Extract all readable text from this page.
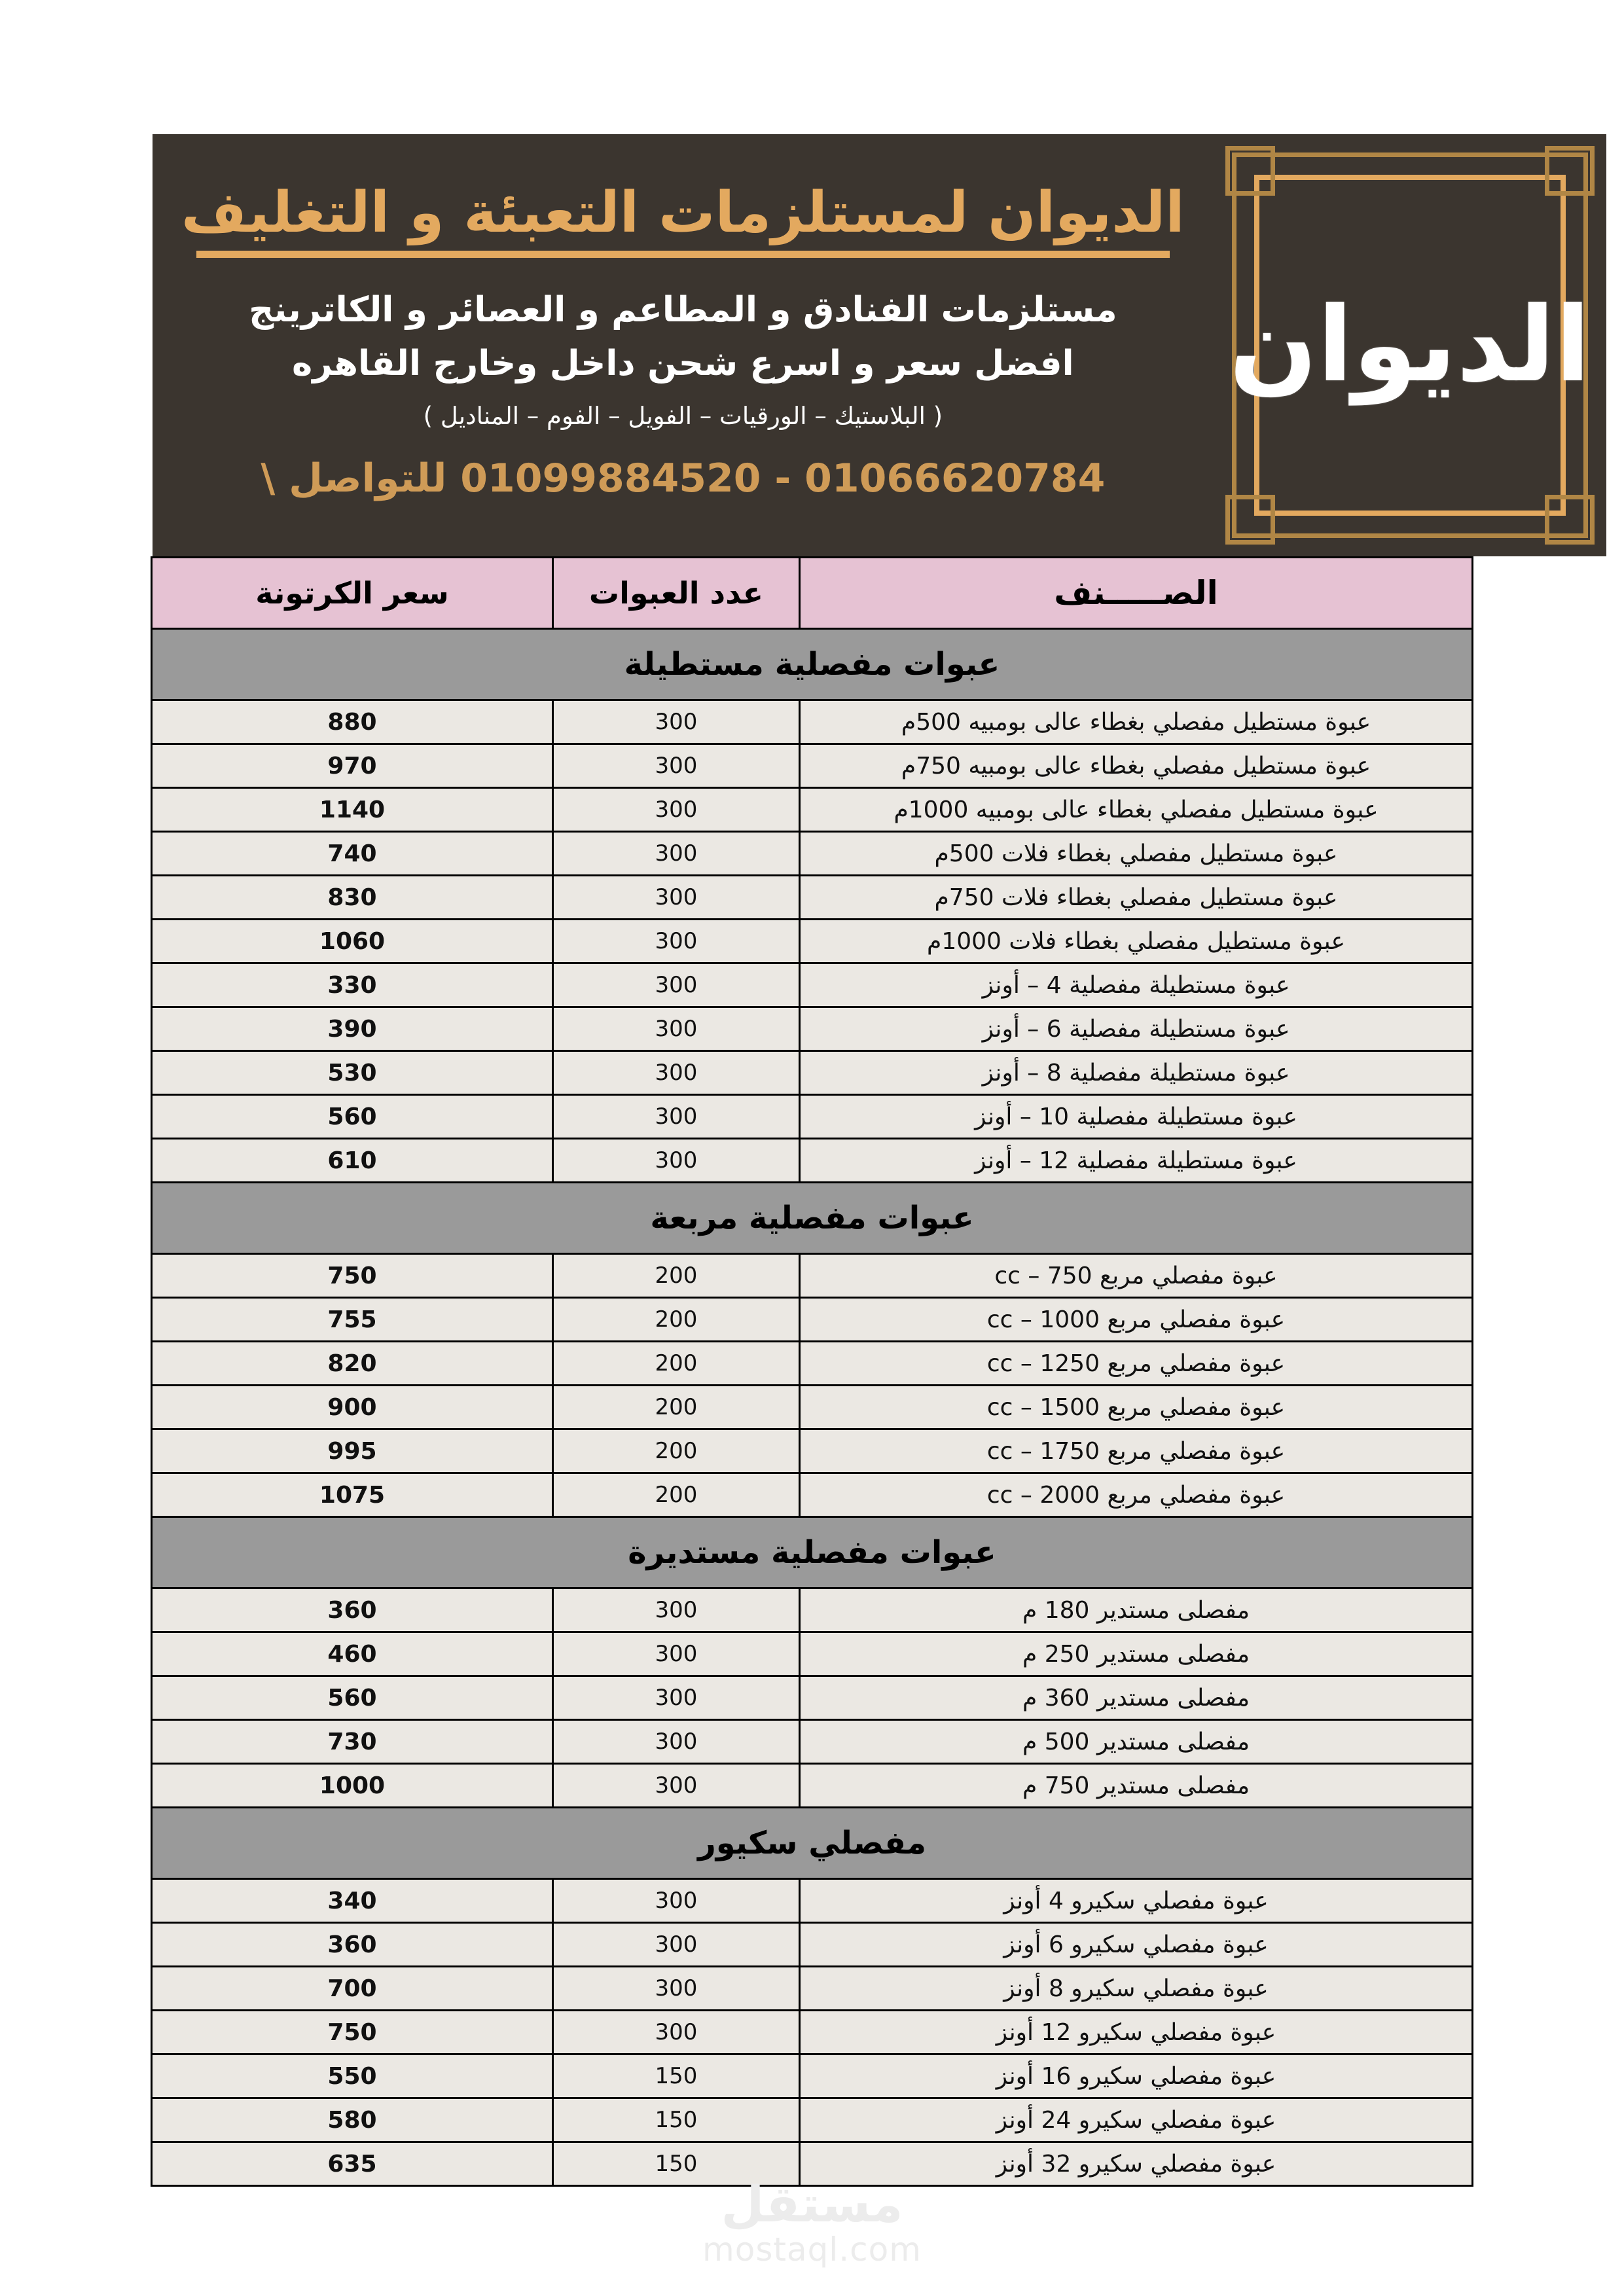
الديوان
الديوان لمستلزمات التعبئة و التغليف
مستلزمات الفنادق و المطاعم و العصائر و الكاترينج
افضل سعر و اسرع شحن داخل وخارج القاهره
( البلاستيك – الورقيات – الفويل – الفوم – المناديل )
01066620784 - 01099884520 للتواصل \
الصـــــنف	عدد العبوات	سعر الكرتونة
عبوات مفصلية مستطيلة		
عبوة مستطيل مفصلي بغطاء عالى بومبيه 500م	300	880
عبوة مستطيل مفصلي بغطاء عالى بومبيه 750م	300	970
عبوة مستطيل مفصلي بغطاء عالى بومبيه 1000م	300	1140
عبوة مستطيل مفصلي بغطاء فلات 500م	300	740
عبوة مستطيل مفصلي بغطاء فلات 750م	300	830
عبوة مستطيل مفصلي بغطاء فلات 1000م	300	1060
عبوة مستطيلة مفصلية 4 – أونز	300	330
عبوة مستطيلة مفصلية 6 – أونز	300	390
عبوة مستطيلة مفصلية 8 – أونز	300	530
عبوة مستطيلة مفصلية 10 – أونز	300	560
عبوة مستطيلة مفصلية 12 – أونز	300	610
عبوات مفصلية مربعة		
عبوة مفصلي مربع 750 – cc	200	750
عبوة مفصلي مربع 1000 – cc	200	755
عبوة مفصلي مربع 1250 – cc	200	820
عبوة مفصلي مربع 1500 – cc	200	900
عبوة مفصلي مربع 1750 – cc	200	995
عبوة مفصلي مربع 2000 – cc	200	1075
عبوات مفصلية مستديرة		
مفصلى مستدير 180 م	300	360
مفصلى مستدير 250 م	300	460
مفصلى مستدير 360 م	300	560
مفصلى مستدير 500 م	300	730
مفصلى مستدير 750 م	300	1000
مفصلي سكيور		
عبوة مفصلي سكيرو 4 أونز	300	340
عبوة مفصلي سكيرو 6 أونز	300	360
عبوة مفصلي سكيرو 8 أونز	300	700
عبوة مفصلي سكيرو 12 أونز	300	750
عبوة مفصلي سكيرو 16 أونز	150	550
عبوة مفصلي سكيرو 24 أونز	150	580
عبوة مفصلي سكيرو 32 أونز	150	635
مستقل
mostaql.com
